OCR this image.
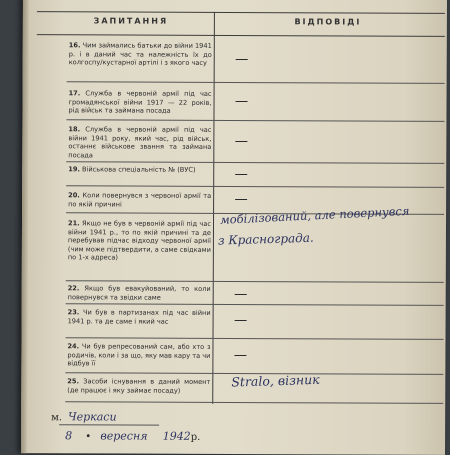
ЗАПИТАННЯ	ВІДПОВІДІ
16. Чим займались батьки до війни 1941 р. і в даний час та належність їх до колгоспу/кустарної артілі і з якого часу
17. Служба в червоній армії під час громадянської війни 1917 — 22 років, рід військ та займана посада
18. Служба в червоній армії під час війни 1941 року, який час, рід військ, останнє військове звання та займана посада
19. Військова спеціальність № (ВУС)
20. Коли повернувся з червоної армії та по якій причині
21. Якщо не був в червоній армії під час війни 1941 р., то по якій причині та де перебував підчас відходу червоної армії (чим може підтвердити, а саме свідками по 1-х адреса)
мобілізований, але повернувся
з Краснограда.
22. Якщо був евакуйований, то коли повернувся та звідки саме
23. Чи був в партизанах під час війни 1941 р. та де саме і який час
24. Чи був репресований сам, або хто з родичів, коли і за що, яку мав кару та чи відбув її
25. Засоби існування в даний момент (де працює і яку займає посаду)
Stralo, візник
м. Черкаси
8 • вересня 1942р.
